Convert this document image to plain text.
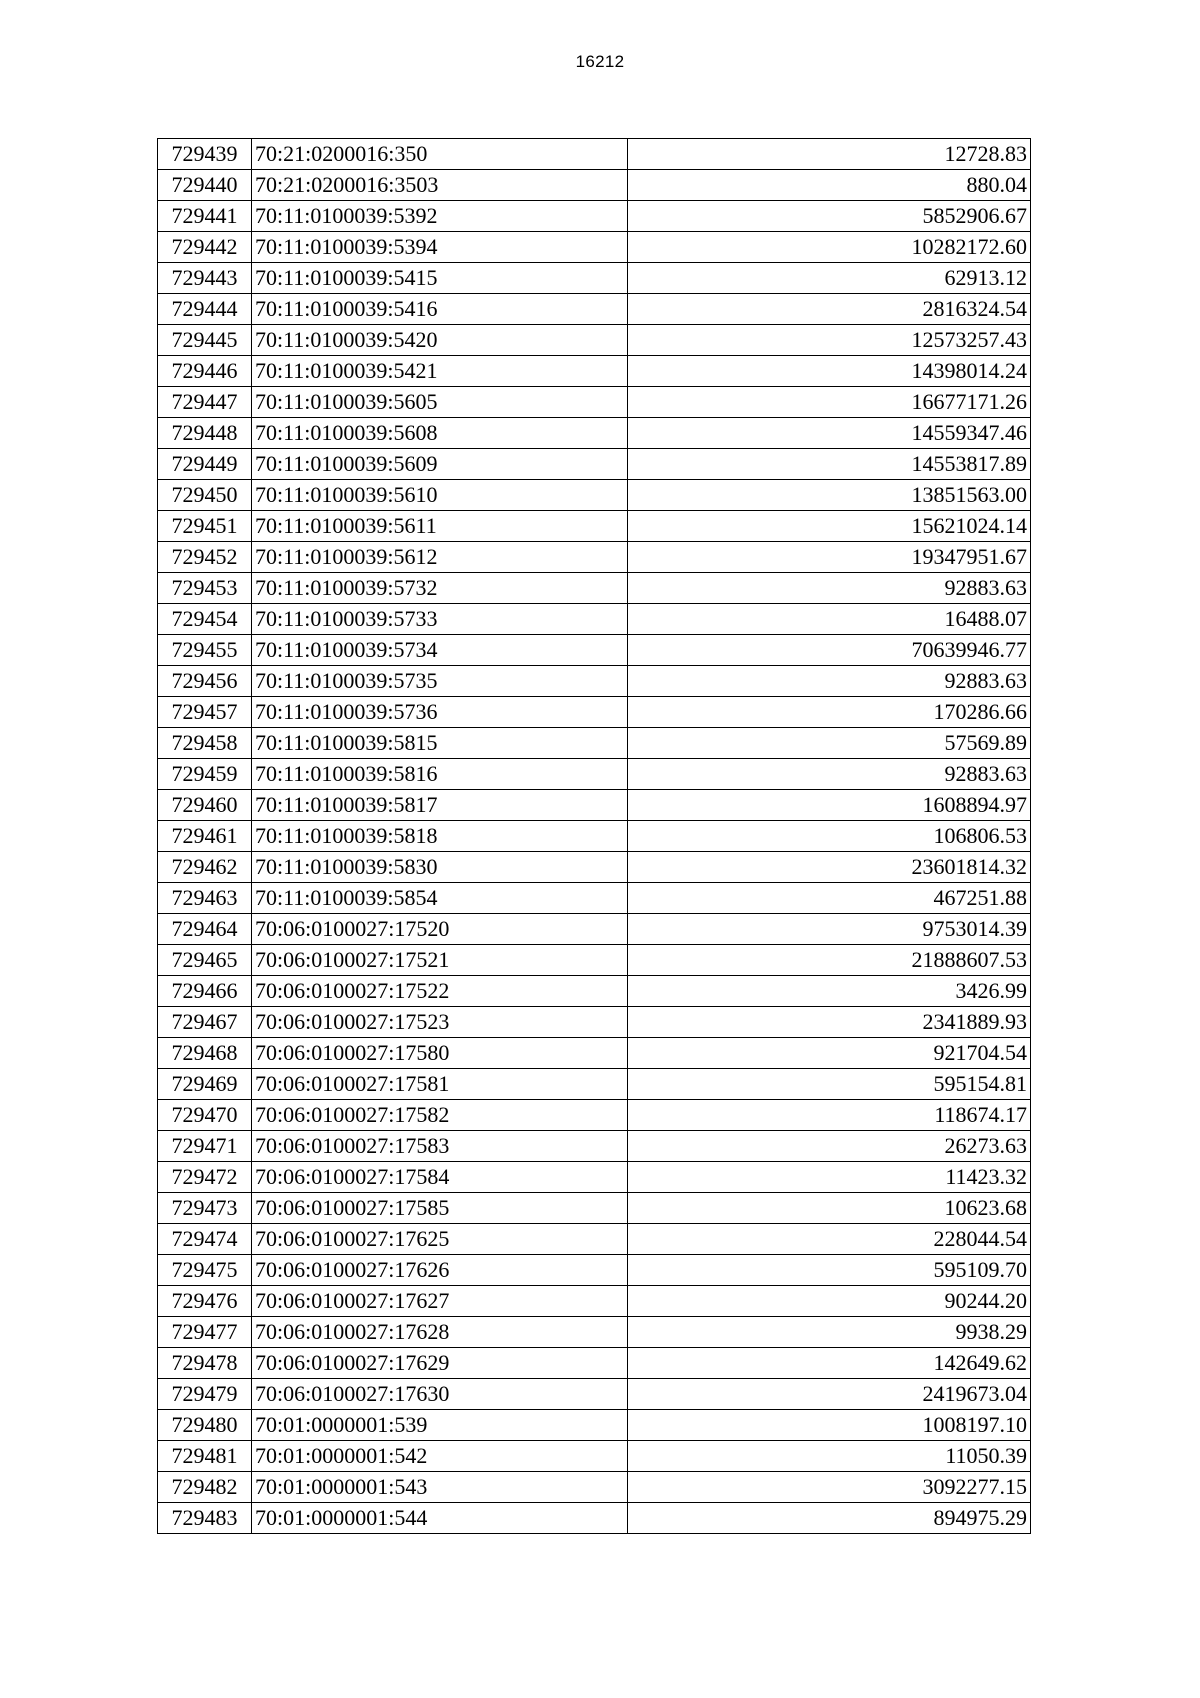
16212
729439	70:21:0200016:350	12728.83
729440	70:21:0200016:3503	880.04
729441	70:11:0100039:5392	5852906.67
729442	70:11:0100039:5394	10282172.60
729443	70:11:0100039:5415	62913.12
729444	70:11:0100039:5416	2816324.54
729445	70:11:0100039:5420	12573257.43
729446	70:11:0100039:5421	14398014.24
729447	70:11:0100039:5605	16677171.26
729448	70:11:0100039:5608	14559347.46
729449	70:11:0100039:5609	14553817.89
729450	70:11:0100039:5610	13851563.00
729451	70:11:0100039:5611	15621024.14
729452	70:11:0100039:5612	19347951.67
729453	70:11:0100039:5732	92883.63
729454	70:11:0100039:5733	16488.07
729455	70:11:0100039:5734	70639946.77
729456	70:11:0100039:5735	92883.63
729457	70:11:0100039:5736	170286.66
729458	70:11:0100039:5815	57569.89
729459	70:11:0100039:5816	92883.63
729460	70:11:0100039:5817	1608894.97
729461	70:11:0100039:5818	106806.53
729462	70:11:0100039:5830	23601814.32
729463	70:11:0100039:5854	467251.88
729464	70:06:0100027:17520	9753014.39
729465	70:06:0100027:17521	21888607.53
729466	70:06:0100027:17522	3426.99
729467	70:06:0100027:17523	2341889.93
729468	70:06:0100027:17580	921704.54
729469	70:06:0100027:17581	595154.81
729470	70:06:0100027:17582	118674.17
729471	70:06:0100027:17583	26273.63
729472	70:06:0100027:17584	11423.32
729473	70:06:0100027:17585	10623.68
729474	70:06:0100027:17625	228044.54
729475	70:06:0100027:17626	595109.70
729476	70:06:0100027:17627	90244.20
729477	70:06:0100027:17628	9938.29
729478	70:06:0100027:17629	142649.62
729479	70:06:0100027:17630	2419673.04
729480	70:01:0000001:539	1008197.10
729481	70:01:0000001:542	11050.39
729482	70:01:0000001:543	3092277.15
729483	70:01:0000001:544	894975.29
